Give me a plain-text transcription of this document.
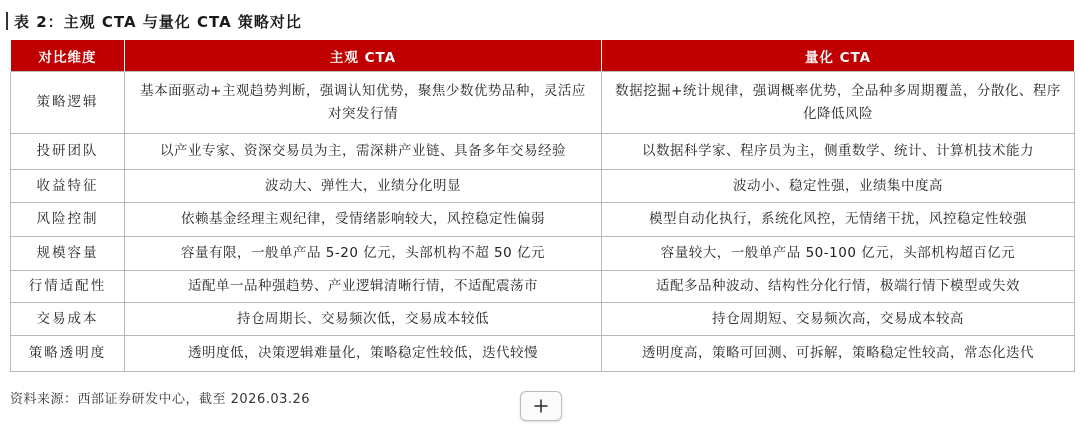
表 2：主观 CTA 与量化 CTA 策略对比
对比维度	主观 CTA	量化 CTA
策略逻辑	基本面驱动+主观趋势判断，强调认知优势，聚焦少数优势品种，灵活应对突发行情	数据挖掘+统计规律，强调概率优势，全品种多周期覆盖，分散化、程序化降低风险
投研团队	以产业专家、资深交易员为主，需深耕产业链、具备多年交易经验	以数据科学家、程序员为主，侧重数学、统计、计算机技术能力
收益特征	波动大、弹性大，业绩分化明显	波动小、稳定性强，业绩集中度高
风险控制	依赖基金经理主观纪律，受情绪影响较大，风控稳定性偏弱	模型自动化执行，系统化风控，无情绪干扰，风控稳定性较强
规模容量	容量有限，一般单产品 5-20 亿元，头部机构不超 50 亿元	容量较大，一般单产品 50-100 亿元，头部机构超百亿元
行情适配性	适配单一品种强趋势、产业逻辑清晰行情，不适配震荡市	适配多品种波动、结构性分化行情，极端行情下模型或失效
交易成本	持仓周期长、交易频次低，交易成本较低	持仓周期短、交易频次高，交易成本较高
策略透明度	透明度低，决策逻辑难量化，策略稳定性较低，迭代较慢	透明度高，策略可回测、可拆解，策略稳定性较高，常态化迭代
资料来源：西部证券研发中心，截至 2026.03.26
